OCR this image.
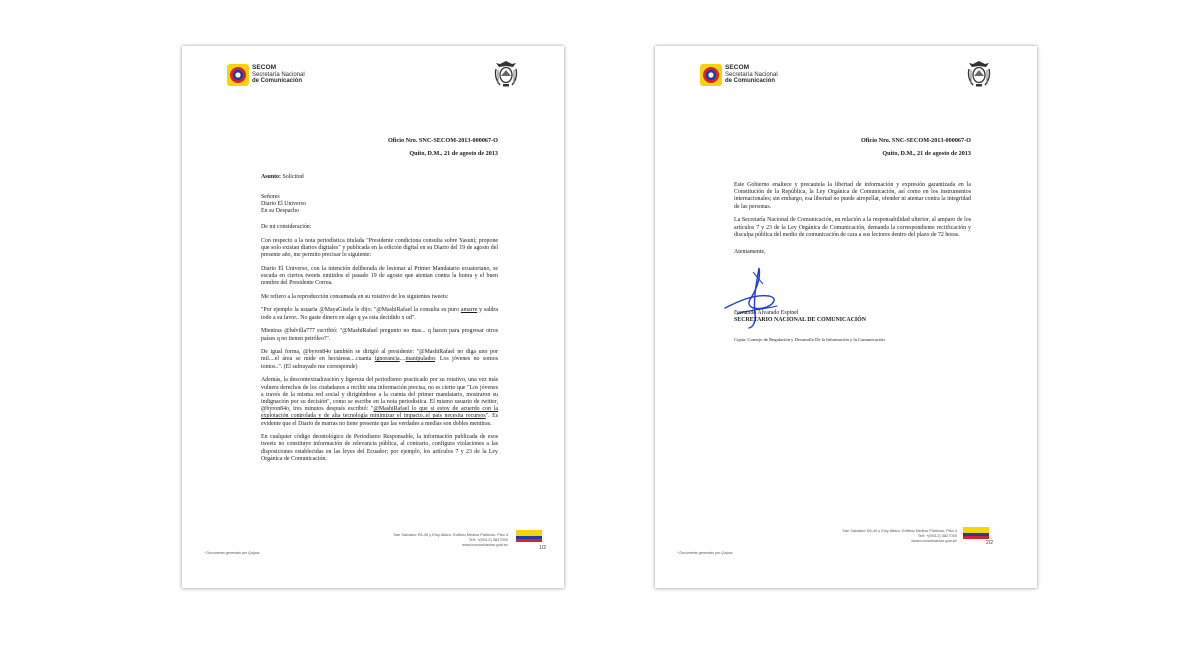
SECOM
Secretaría Nacional
de Comunicación
Oficio Nro. SNC-SECOM-2013-000067-O
Quito, D.M., 21 de agosto de 2013

Asunto: Solicitud

Señores

Diario El Universo

En su Despacho

De mi consideración:

Con respecto a la nota periodística titulada "Presidente condiciona consulta sobre Yasuní; propone que solo existan diarios digitales" y publicada en la edición digital en su Diario del 19 de agosto del presente año, me permito precisar lo siguiente:

Diario El Universo, con la intención deliberada de lesionar al Primer Mandatario ecuatoriano, se escuda en ciertos tweets emitidos el pasado 19 de agosto que atentan contra la honra y el buen nombre del Presidente Correa.

Me refiero a la reproducción consumada en su rotativo de los siguientes tweets:

"Por ejemplo la usuaria @MayaGisela le dijo: "@MashiRafael la consulta es puro amarre y saldra todo a su favor.. No gaste dinero en algo q ya esta decidido x ud".

Mientras @hdvilla777 escribió: "@MashiRafael pregunto no mas... q hacen para progresar otros países q no tienen petróleo?".

De igual forma, @byron84o también se dirigió al presidente: "@MashiRafael no diga uno por mil....el área se mide en hectáreas....cuanta ignorancia....manipulador. Los jóvenes no somos tontos..". (El subrayado me corresponde)

Además, la descontextualización y ligereza del periodismo practicado por su rotativo, una vez más vulnera derechos de los ciudadanos a recibir una información precisa, no es cierto que "Los jóvenes a través de la misma red social y dirigiéndose a la cuenta del primer mandatario, mostraron su indignación por su decisión", como se escribe en la nota periodística. El mismo usuario de twitter, @byron84o, tres minutos después escribió: "@MashiRafael lo que si estoy de acuerdo con la explotación controlada y de alta tecnología minimizar el impacto..el país necesita recursos". Es evidente que el Diario de marras no tiene presente que las verdades a medias son dobles mentiras.

En cualquier código deontológico de Periodismo Responsable, la información publicada de esos tweets no constituye información de relevancia pública, al contrario, configura violaciones a las disposiciones establecidas en las leyes del Ecuador; por ejemplo, los artículos 7 y 23 de la Ley Orgánica de Comunicación.

San Salvador E6-49 y Eloy Alfaro. Edificio Medios Públicos. Piso 4
Telf: +(593-2) 3827000
www.comunicacion.gob.ec
1/2
* Documento generado por Quipux
SECOM
Secretaría Nacional
de Comunicación
Oficio Nro. SNC-SECOM-2013-000067-O
Quito, D.M., 21 de agosto de 2013

Este Gobierno enaltece y precautela la libertad de información y expresión garantizada en la Constitución de la República, la Ley Orgánica de Comunicación, así como en los instrumentos internacionales; sin embargo, esa libertad no puede atropellar, ofender ni atentar contra la integridad de las personas.

La Secretaría Nacional de Comunicación, en relación a la responsabilidad ulterior, al amparo de los artículos 7 y 23 de la Ley Orgánica de Comunicación, demanda la correspondiente rectificación y disculpa pública del medio de comunicación de cara a sus lectores dentro del plazo de 72 horas.

Atentamente,

Fernando Alvarado Espinel
SECRETARIO NACIONAL DE COMUNICACIÓN
Copia: Consejo de Regulación y Desarrollo De la Información y la Comunicación
San Salvador E6-49 y Eloy Alfaro. Edificio Medios Públicos. Piso 4
Telf: +(593-2) 3827000
www.comunicacion.gob.ec	2/2
* Documento generado por Quipux
